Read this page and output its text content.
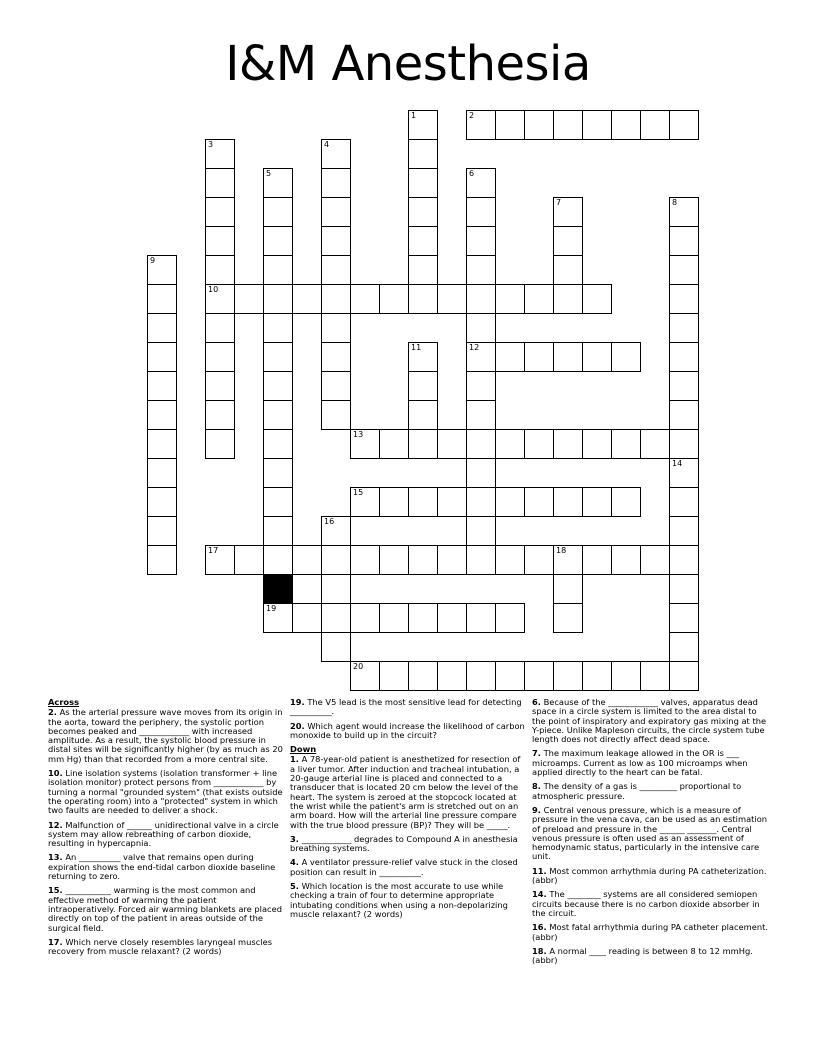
I&M Anesthesia
1	2
3
10
4
5
19
6
12
7	8
14
9
11
13
15
16
17	18
20
Across
2. As the arterial pressure wave moves from its origin in the aorta, toward the periphery, the systolic portion becomes peaked and ____________ with increased amplitude. As a result, the systolic blood pressure in distal sites will be significantly higher (by as much as 20 mm Hg) than that recorded from a more central site.
10. Line isolation systems (isolation transformer + line isolation monitor) protect persons from ____________ by turning a normal "grounded system" (that exists outside the operating room) into a "protected" system in which two faults are needed to deliver a shock.
12. Malfunction of ______ unidirectional valve in a circle system may allow rebreathing of carbon dioxide, resulting in hypercapnia.
13. An __________ valve that remains open during expiration shows the end-tidal carbon dioxide baseline returning to zero.
15. ___________ warming is the most common and effective method of warming the patient intraoperatively. Forced air warming blankets are placed directly on top of the patient in areas outside of the surgical field.
17. Which nerve closely resembles laryngeal muscles recovery from muscle relaxant? (2 words)
19. The V5 lead is the most sensitive lead for detecting __________.
20. Which agent would increase the likelihood of carbon monoxide to build up in the circuit?
Down
1. A 78-year-old patient is anesthetized for resection of a liver tumor. After induction and tracheal intubation, a 20-gauge arterial line is placed and connected to a transducer that is located 20 cm below the level of the heart. The system is zeroed at the stopcock located at the wrist while the patient's arm is stretched out on an arm board. How will the arterial line pressure compare with the true blood pressure (BP)? They will be _____.
3. ____________ degrades to Compound A in anesthesia breathing systems.
4. A ventilator pressure-relief valve stuck in the closed position can result in __________.
5. Which location is the most accurate to use while checking a train of four to determine appropriate intubating conditions when using a non-depolarizing muscle relaxant? (2 words)
6. Because of the ____________ valves, apparatus dead space in a circle system is limited to the area distal to the point of inspiratory and expiratory gas mixing at the Y-piece. Unlike Mapleson circuits, the circle system tube length does not directly affect dead space.
7. The maximum leakage allowed in the OR is ___ microamps. Current as low as 100 microamps when applied directly to the heart can be fatal.
8. The density of a gas is _________ proportional to atmospheric pressure.
9. Central venous pressure, which is a measure of pressure in the vena cava, can be used as an estimation of preload and pressure in the ______ _______. Central venous pressure is often used as an assessment of hemodynamic status, particularly in the intensive care unit.
11. Most common arrhythmia during PA catheterization. (abbr)
14. The ________ systems are all considered semiopen circuits because there is no carbon dioxide absorber in the circuit.
16. Most fatal arrhythmia during PA catheter placement. (abbr)
18. A normal ____ reading is between 8 to 12 mmHg. (abbr)
